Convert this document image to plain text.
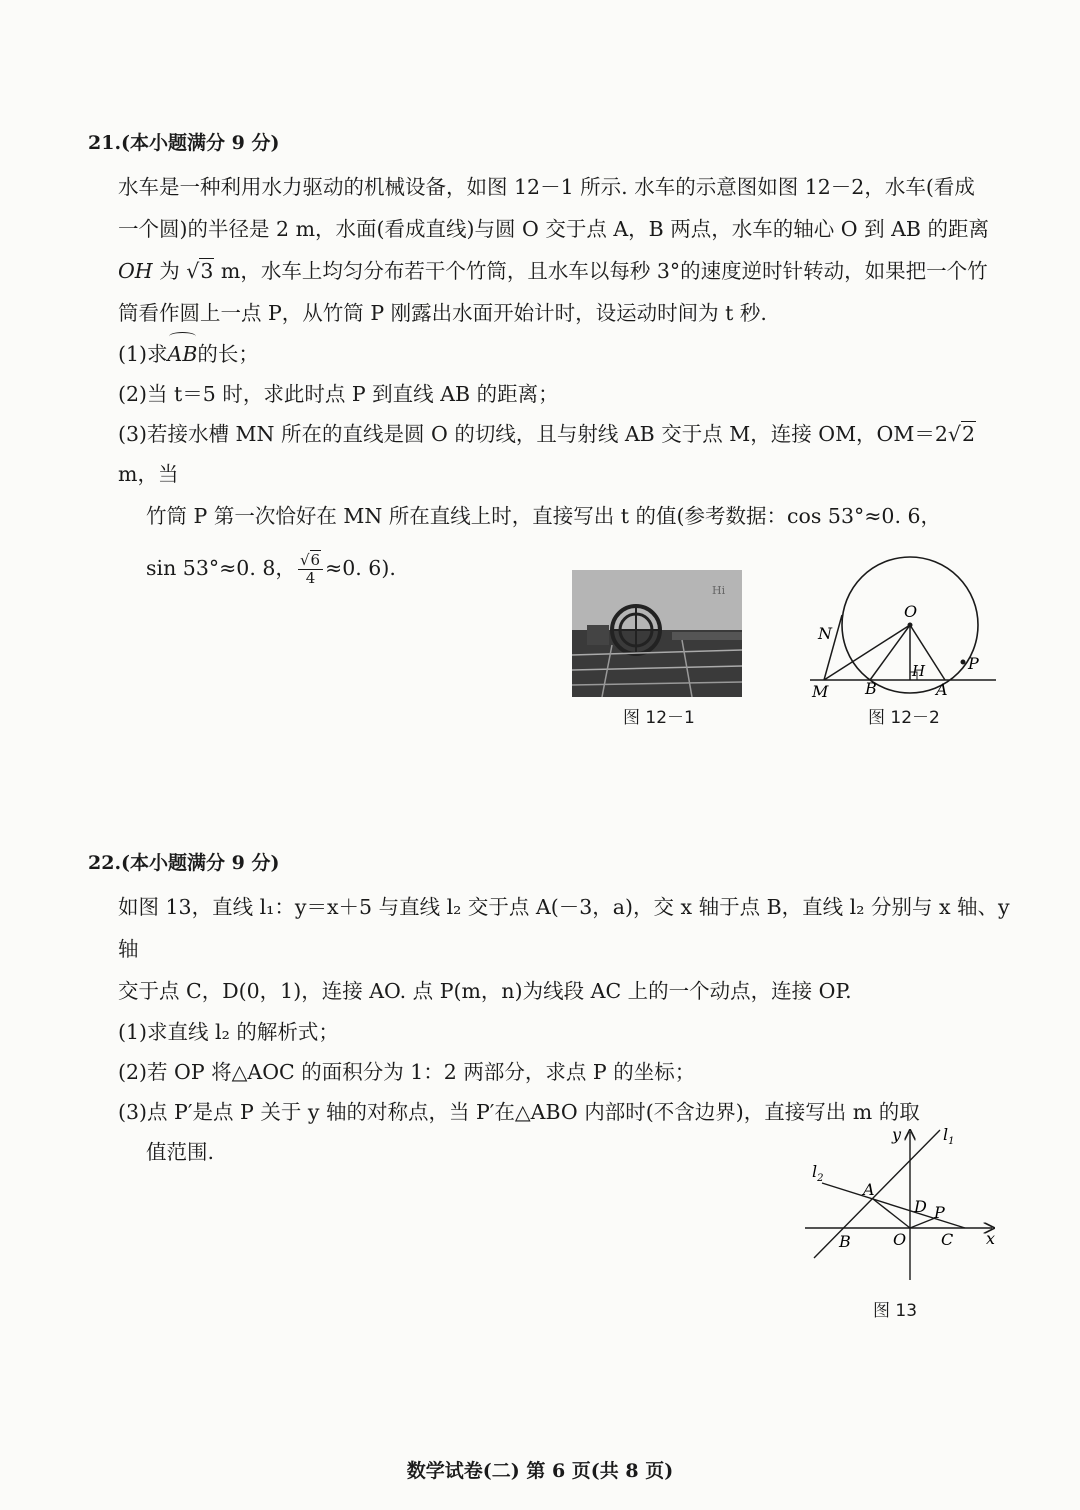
21.(本小题满分 9 分)
水车是一种利用水力驱动的机械设备，如图 12－1 所示. 水车的示意图如图 12－2，水车(看成
一个圆)的半径是 2 m，水面(看成直线)与圆 O 交于点 A，B 两点，水车的轴心 O 到 AB 的距离
OH 为 √3 m，水车上均匀分布若干个竹筒，且水车以每秒 3°的速度逆时针转动，如果把一个竹
筒看作圆上一点 P，从竹筒 P 刚露出水面开始计时，设运动时间为 t 秒.
(1)求AB的长；
(2)当 t＝5 时，求此时点 P 到直线 AB 的距离；
(3)若接水槽 MN 所在的直线是圆 O 的切线，且与射线 AB 交于点 M，连接 OM，OM＝2√2 m，当
竹筒 P 第一次恰好在 MN 所在直线上时，直接写出 t 的值(参考数据：cos 53°≈0. 6，
sin 53°≈0. 8， $\frac{√6}{4} \approx 0$. 6).
Hi
图 12－1
O
N
H	P
M B	A
图 12－2
22.(本小题满分 9 分)
如图 13，直线 l₁：y＝x＋5 与直线 l₂ 交于点 A(－3，a)，交 x 轴于点 B，直线 l₂ 分别与 x 轴、y 轴
交于点 C，D(0，1)，连接 AO. 点 P(m，n)为线段 AC 上的一个动点，连接 OP.
(1)求直线 l₂ 的解析式；
(2)若 OP 将△AOC 的面积分为 1：2 两部分，求点 P 的坐标；
(3)点 P′是点 P 关于 y 轴的对称点，当 P′在△ABO 内部时(不含边界)，直接写出 m 的取
值范围.
y
x
$l_1$
$l_2$
A
D P
B	O C
图 13
数学试卷(二) 第 6 页(共 8 页)
